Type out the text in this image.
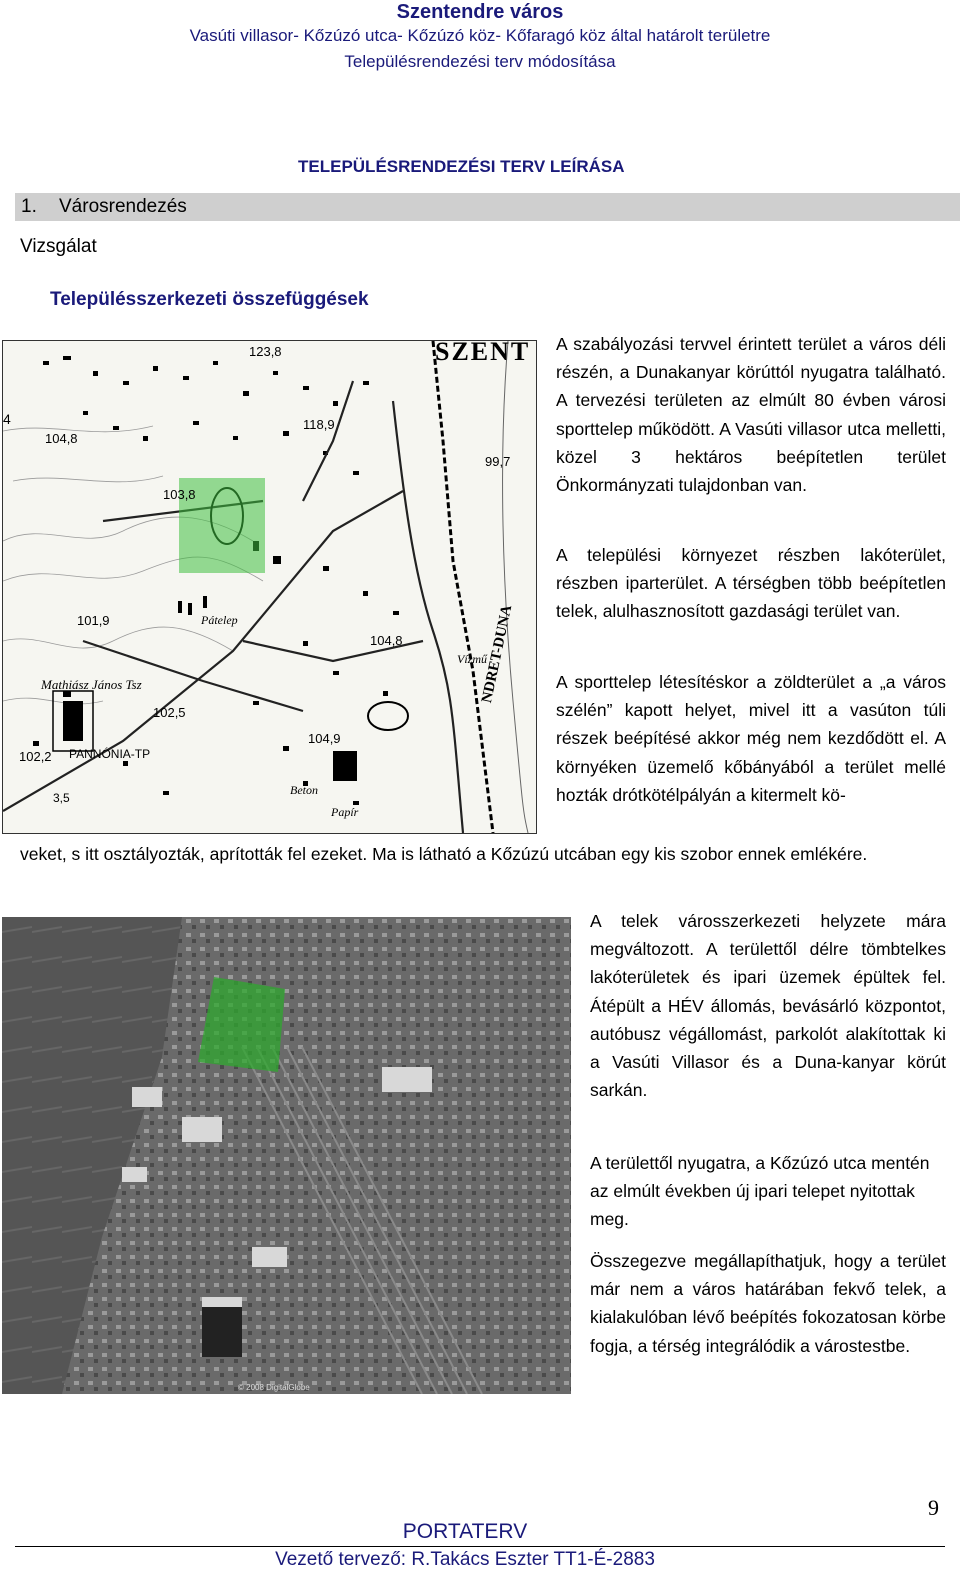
Szentendre város
Vasúti villasor- Kőzúzó utca- Kőzúzó köz- Kőfaragó köz által határolt területre
Településrendezési terv módosítása
TELEPÜLÉSRENDEZÉSI TERV LEÍRÁSA
1. Városrendezés
Vizsgálat
Településszerkezeti összefüggések
SZENT
123,8
118,9
104,8
4
103,8
99,7
101,9	Pátelep
104,8
Vízmű
Mathiász János Tsz
102,5
104,9
102,2 PANNÓNIA-TP
3,5
Beton
Papír
NDRET-DUNA

A szabályozási tervvel érintett terület a város déli részén, a Dunakanyar körúttól nyugatra található. A tervezési területen az elmúlt 80 évben városi sporttelep működött. A Vasúti villasor utca melletti, közel 3 hektáros beépítetlen terület Önkormányzati tulajdonban van.

A települési környezet részben lakóterület, részben iparterület. A térségben több beépítetlen telek, alulhasznosított gazdasági terület van.

A sporttelep létesítéskor a zöldterület a „a város szélén” kapott helyet, mivel itt a vasúton túli részek beépítésé akkor még nem kezdődött el. A környéken üzemelő kőbányából a terület mellé hozták drótkötélpályán a kitermelt kö-

veket, s itt osztályozták, aprították fel ezeket. Ma is látható a Kőzúzú utcában egy kis szobor ennek emlékére.

© 2008 DigitalGlobe

A telek városszerkezeti helyzete mára megváltozott. A területtől délre tömbtelkes lakóterületek és ipari üzemek épültek fel. Átépült a HÉV állomás, bevásárló központot, autóbusz végállomást, parkolót alakítottak ki a Vasúti Villasor és a Duna-kanyar körút sarkán.

A területtől nyugatra, a Kőzúzó utca mentén az elmúlt években új ipari telepet nyitottak meg.

Összegezve megállapíthatjuk, hogy a terület már nem a város határában fekvő telek, a kialakulóban lévő beépítés fokozatosan körbe fogja, a térség integrálódik a várostestbe.

9
PORTATERV
Vezető tervező: R.Takács Eszter TT1-É-2883
